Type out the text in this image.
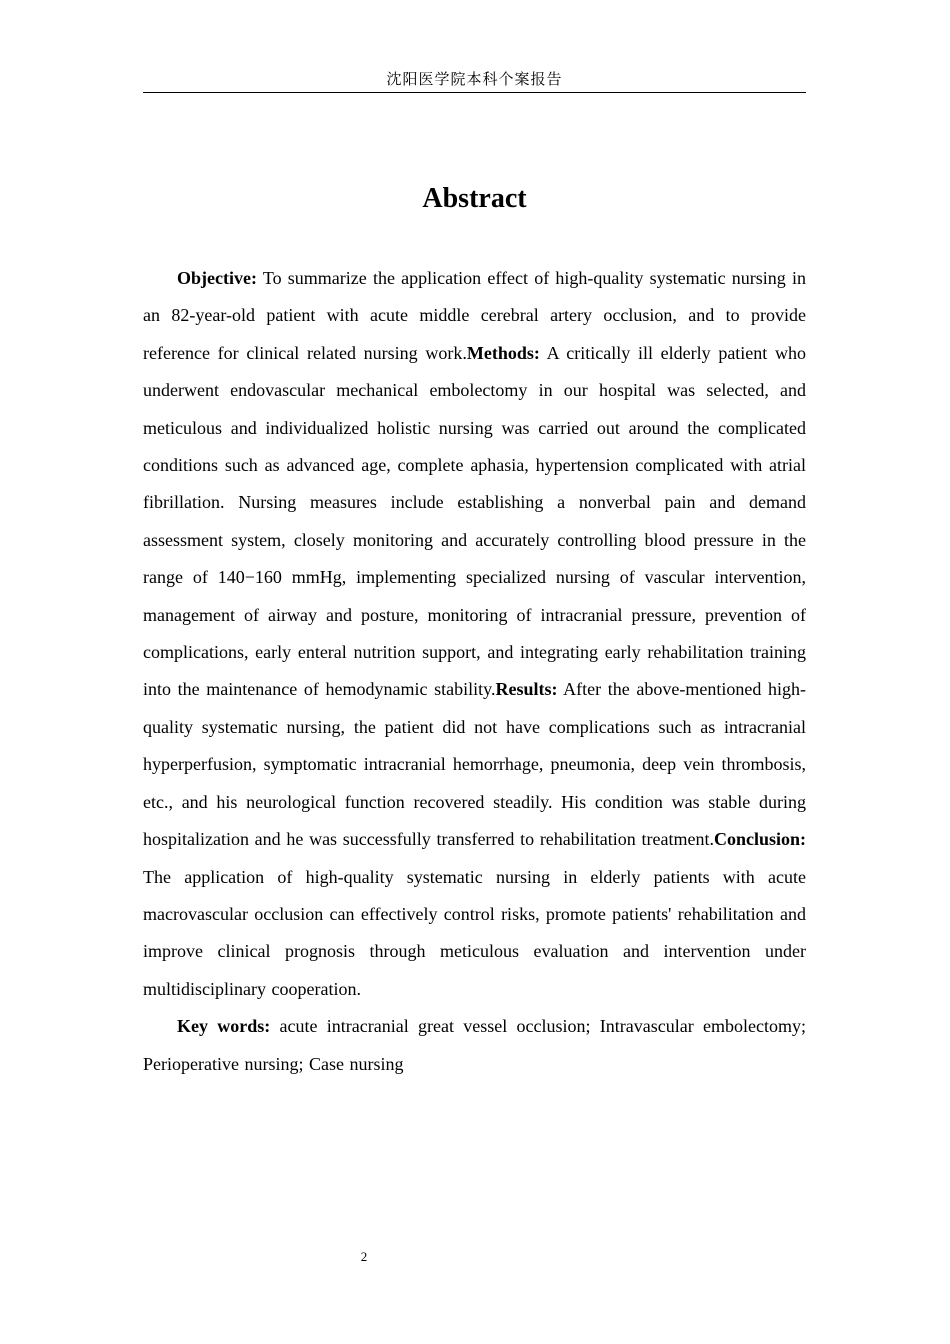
沈阳医学院本科个案报告
Abstract

Objective: To summarize the application effect of high-quality systematic nursing in an 82-year-old patient with acute middle cerebral artery occlusion, and to provide reference for clinical related nursing work.Methods: A critically ill elderly patient who underwent endovascular mechanical embolectomy in our hospital was selected, and meticulous and individualized holistic nursing was carried out around the complicated conditions such as advanced age, complete aphasia, hypertension complicated with atrial fibrillation. Nursing measures include establishing a nonverbal pain and demand assessment system, closely monitoring and accurately controlling blood pressure in the range of 140−160 mmHg, implementing specialized nursing of vascular intervention, management of airway and posture, monitoring of intracranial pressure, prevention of complications, early enteral nutrition support, and integrating early rehabilitation training into the maintenance of hemodynamic stability.Results: After the above-mentioned high-quality systematic nursing, the patient did not have complications such as intracranial hyperperfusion, symptomatic intracranial hemorrhage, pneumonia, deep vein thrombosis, etc., and his neurological function recovered steadily. His condition was stable during hospitalization and he was successfully transferred to rehabilitation treatment.Conclusion: The application of high-quality systematic nursing in elderly patients with acute macrovascular occlusion can effectively control risks, promote patients' rehabilitation and improve clinical prognosis through meticulous evaluation and intervention under multidisciplinary cooperation.

Key words: acute intracranial great vessel occlusion; Intravascular embolectomy; Perioperative nursing; Case nursing

2
